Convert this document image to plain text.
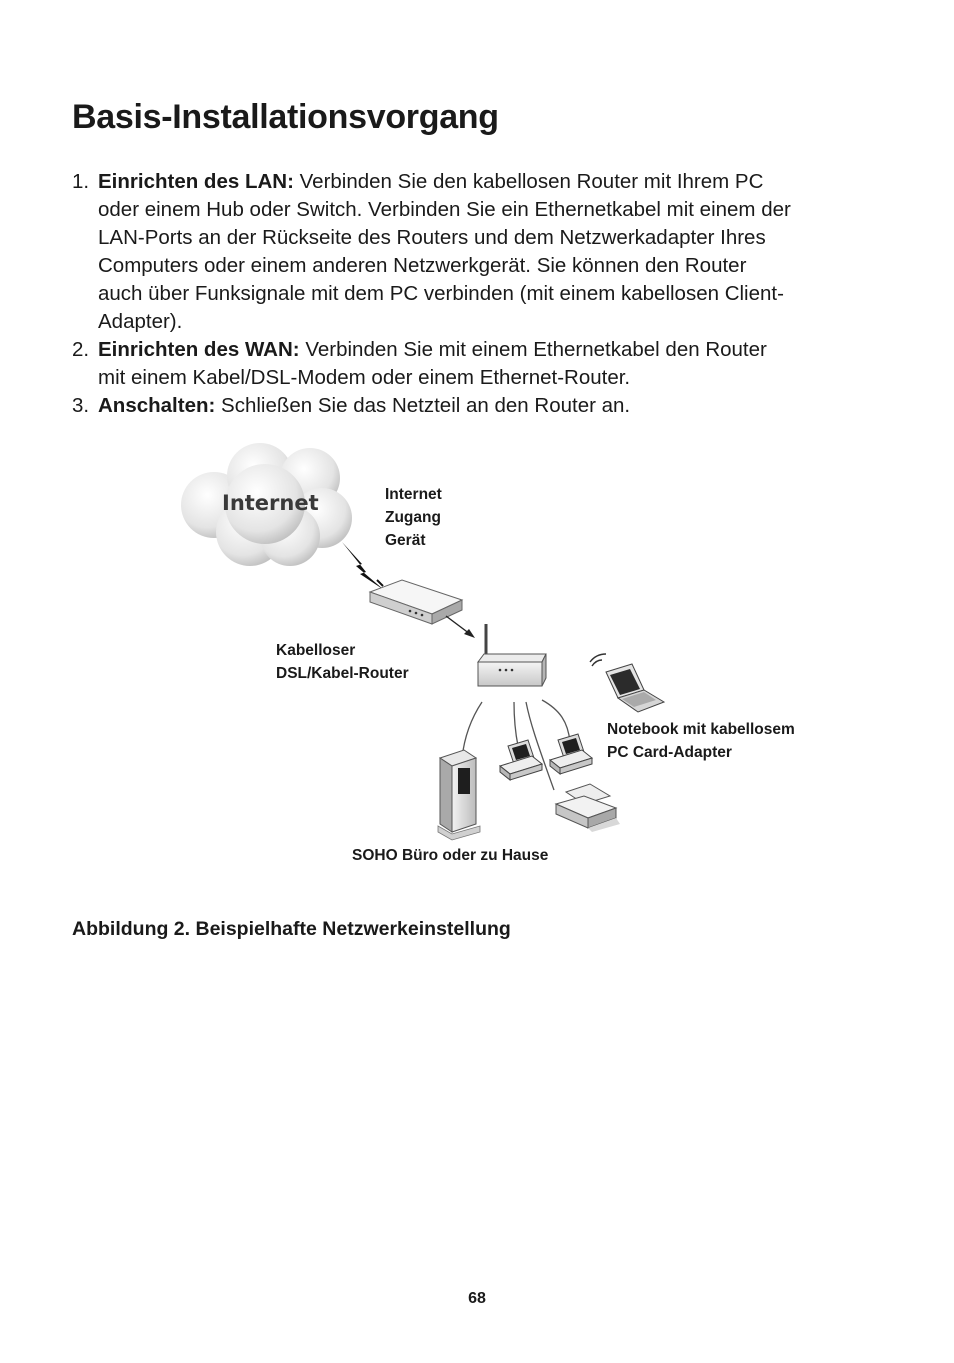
Basis-Installationsvorgang
1. Einrichten des LAN: Verbinden Sie den kabellosen Router mit Ihrem PC
oder einem Hub oder Switch. Verbinden Sie ein Ethernetkabel mit einem der
LAN-Ports an der Rückseite des Routers und dem Netzwerkadapter Ihres
Computers oder einem anderen Netzwerkgerät. Sie können den Router
auch über Funksignale mit dem PC verbinden (mit einem kabellosen Client-
Adapter).
2. Einrichten des WAN: Verbinden Sie mit einem Ethernetkabel den Router
mit einem Kabel/DSL-Modem oder einem Ethernet-Router.
3. Anschalten: Schließen Sie das Netzteil an den Router an.
Internet	Internet
Zugang
Gerät
Kabelloser
DSL/Kabel-Router
Notebook mit kabellosem
PC Card-Adapter
SOHO Büro oder zu Hause

Abbildung 2. Beispielhafte Netzwerkeinstellung

68
